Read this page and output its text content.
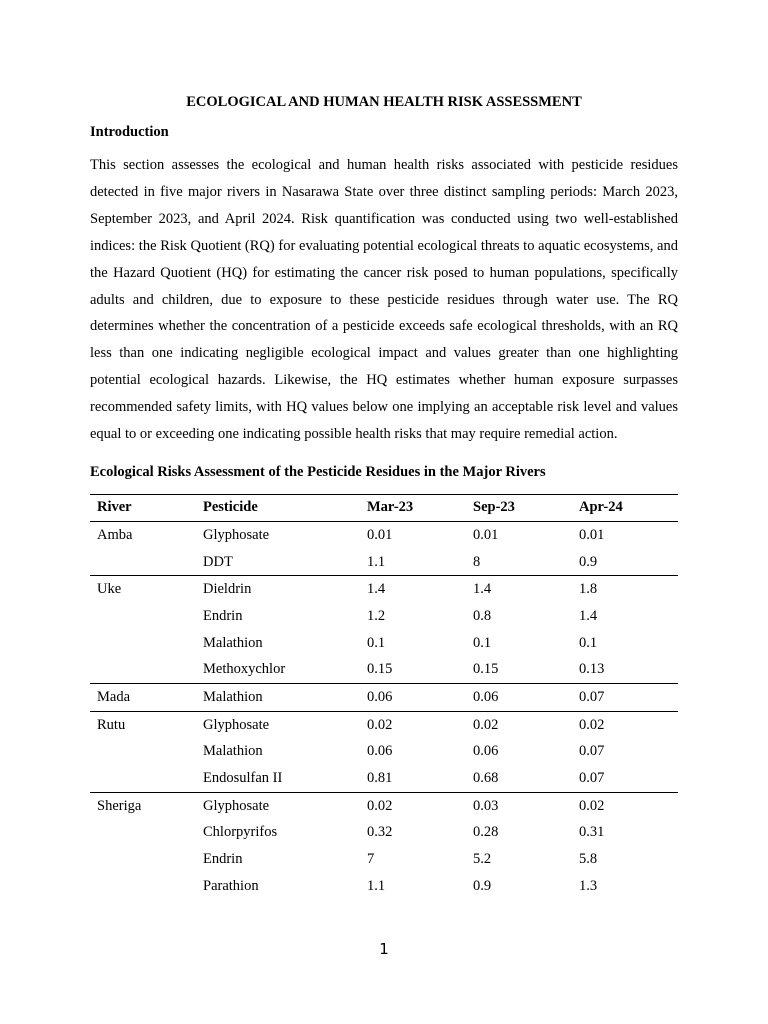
ECOLOGICAL AND HUMAN HEALTH RISK ASSESSMENT
Introduction

This section assesses the ecological and human health risks associated with pesticide residues detected in five major rivers in Nasarawa State over three distinct sampling periods: March 2023, September 2023, and April 2024. Risk quantification was conducted using two well-established indices: the Risk Quotient (RQ) for evaluating potential ecological threats to aquatic ecosystems, and the Hazard Quotient (HQ) for estimating the cancer risk posed to human populations, specifically adults and children, due to exposure to these pesticide residues through water use. The RQ determines whether the concentration of a pesticide exceeds safe ecological thresholds, with an RQ less than one indicating negligible ecological impact and values greater than one highlighting potential ecological hazards. Likewise, the HQ estimates whether human exposure surpasses recommended safety limits, with HQ values below one implying an acceptable risk level and values equal to or exceeding one indicating possible health risks that may require remedial action.

Ecological Risks Assessment of the Pesticide Residues in the Major Rivers
River	Pesticide	Mar-23	Sep-23	Apr-24
Amba	Glyphosate	0.01	0.01	0.01
	DDT	1.1	8	0.9
Uke	Dieldrin	1.4	1.4	1.8
	Endrin	1.2	0.8	1.4
	Malathion	0.1	0.1	0.1
	Methoxychlor	0.15	0.15	0.13
Mada	Malathion	0.06	0.06	0.07
Rutu	Glyphosate	0.02	0.02	0.02
	Malathion	0.06	0.06	0.07
	Endosulfan II	0.81	0.68	0.07
Sheriga	Glyphosate	0.02	0.03	0.02
	Chlorpyrifos	0.32	0.28	0.31
	Endrin	7	5.2	5.8
	Parathion	1.1	0.9	1.3
1
